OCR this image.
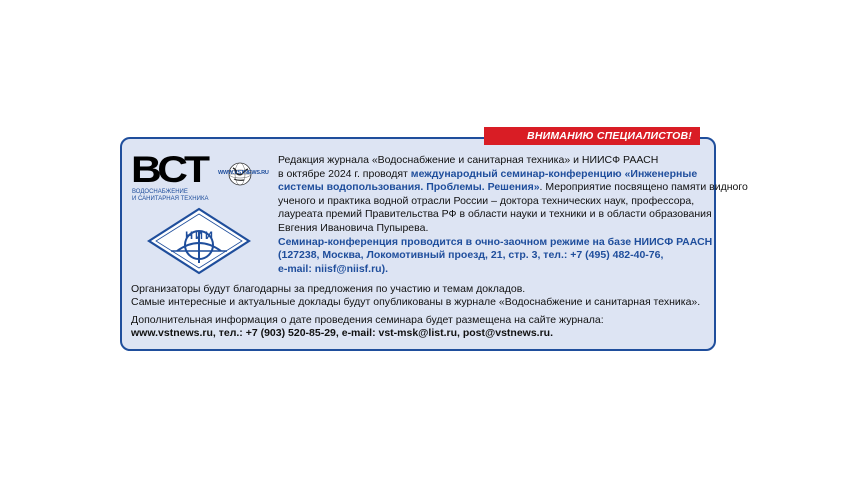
ВНИМАНИЮ СПЕЦИАЛИСТОВ!
ВСТ
ВОДОСНАБЖЕНИЕ
И САНИТАРНАЯ ТЕХНИКА
WWW.VSTNEWS.RU
НИИ
Редакция журнала «Водоснабжение и санитарная техника» и НИИСФ РААСН
в октябре 2024 г. проводят международный семинар-конференцию «Инженерные
системы водопользования. Проблемы. Решения». Мероприятие посвящено памяти видного
ученого и практика водной отрасли России – доктора технических наук, профессора,
лауреата премий Правительства РФ в области науки и техники и в области образования
Евгения Ивановича Пупырева.
Семинар-конференция проводится в очно-заочном режиме на базе НИИСФ РААСН
(127238, Москва, Локомотивный проезд, 21, стр. 3, тел.: +7 (495) 482-40-76,
e-mail: niisf@niisf.ru).
Организаторы будут благодарны за предложения по участию и темам докладов.
Самые интересные и актуальные доклады будут опубликованы в журнале «Водоснабжение и санитарная техника».
Дополнительная информация о дате проведения семинара будет размещена на сайте журнала:
www.vstnews.ru, тел.: +7 (903) 520-85-29, e-mail: vst-msk@list.ru, post@vstnews.ru.
